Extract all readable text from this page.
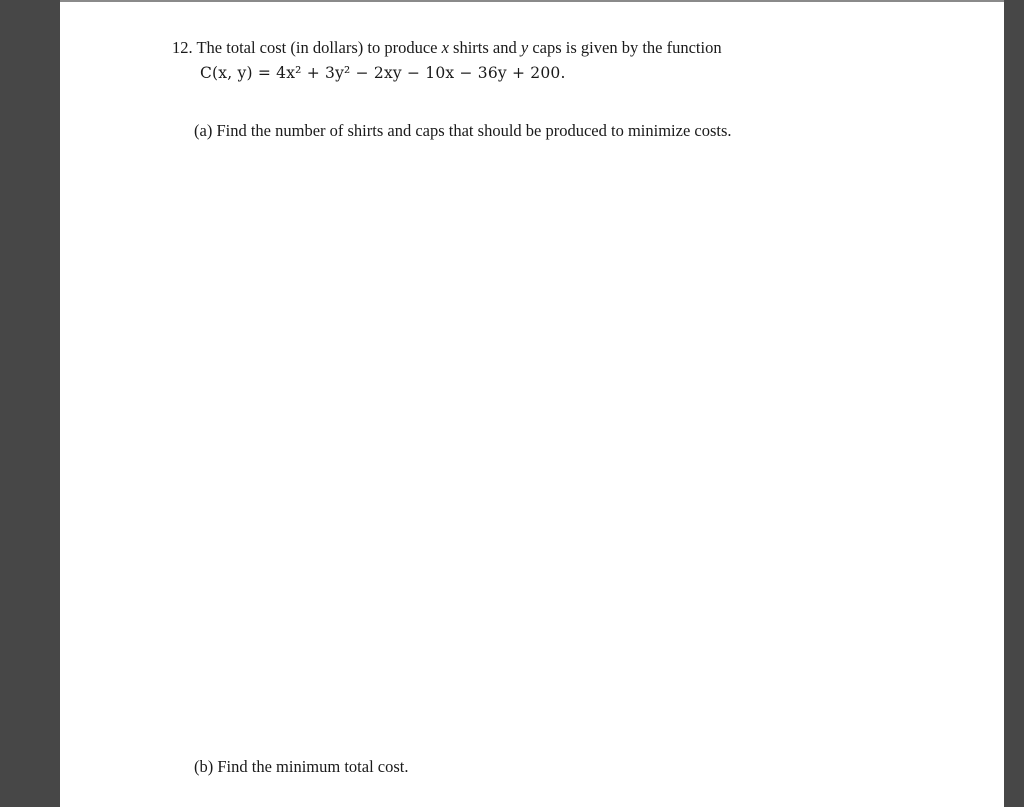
12. The total cost (in dollars) to produce x shirts and y caps is given by the function
C(x, y) = 4x² + 3y² − 2xy − 10x − 36y + 200.
(a) Find the number of shirts and caps that should be produced to minimize costs.
(b) Find the minimum total cost.
